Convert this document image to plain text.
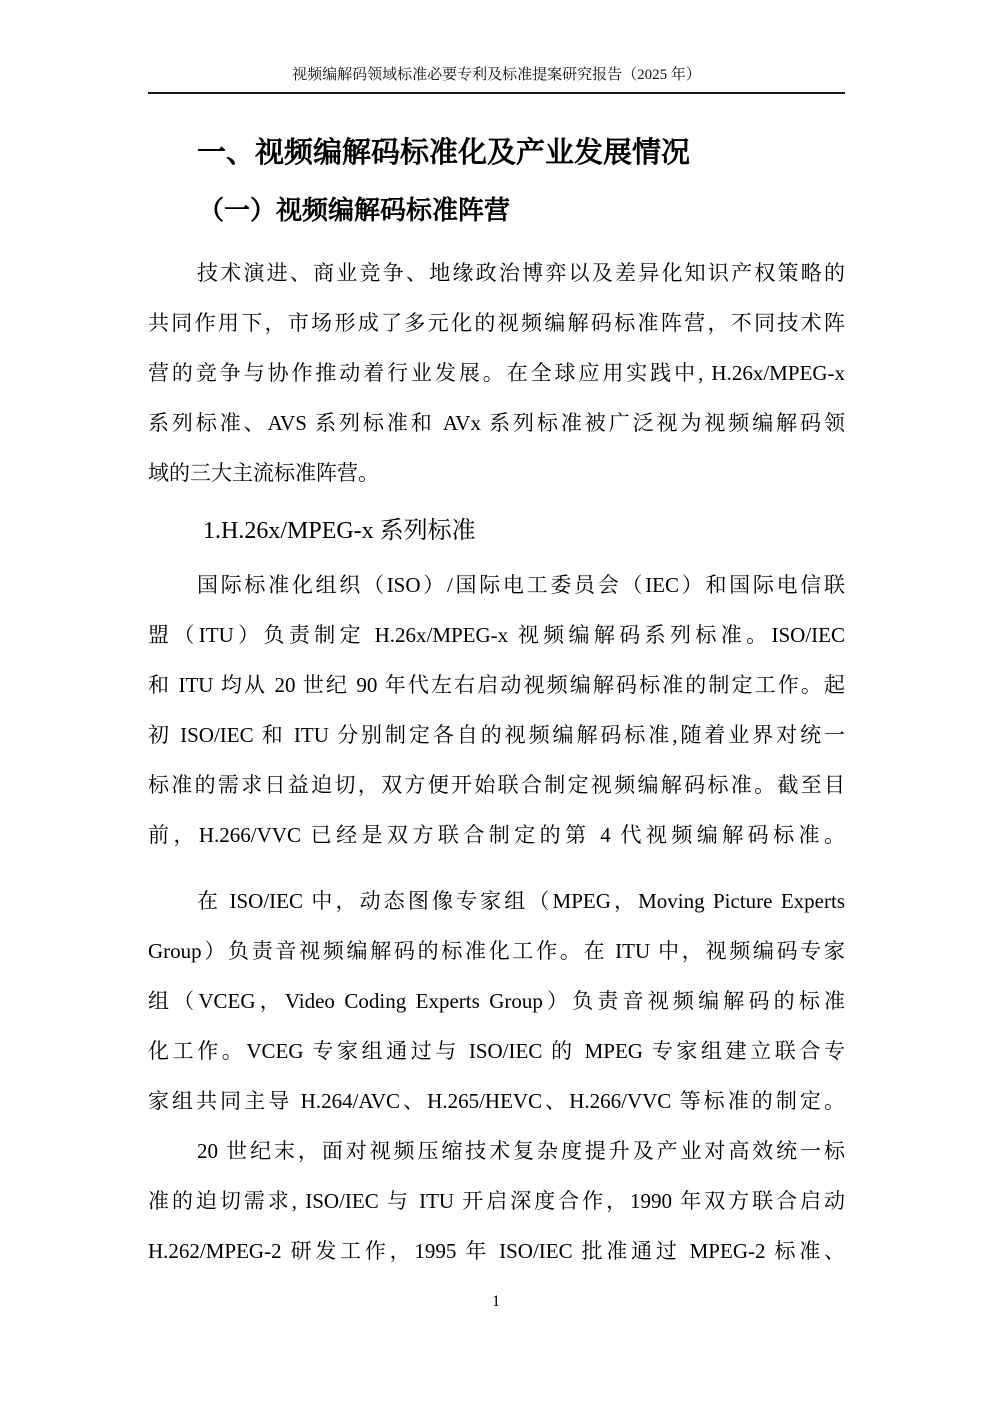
视频编解码领域标准必要专利及标准提案研究报告（2025 年）
一、视频编解码标准化及产业发展情况
（一）视频编解码标准阵营
技术演进、商业竞争、地缘政治博弈以及差异化知识产权策略的
共同作用下，市场形成了多元化的视频编解码标准阵营，不同技术阵
营的竞争与协作推动着行业发展。在全球应用实践中, H.26x/MPEG-x
系列标准、AVS 系列标准和 AVx 系列标准被广泛视为视频编解码领
域的三大主流标准阵营。
1.H.26x/MPEG-x 系列标准
国际标准化组织（ISO）/国际电工委员会（IEC）和国际电信联
盟（ITU）负责制定 H.26x/MPEG-x 视频编解码系列标准。ISO/IEC
和 ITU 均从 20 世纪 90 年代左右启动视频编解码标准的制定工作。起
初 ISO/IEC 和 ITU 分别制定各自的视频编解码标准,随着业界对统一
标准的需求日益迫切，双方便开始联合制定视频编解码标准。截至目
前，H.266/VVC 已经是双方联合制定的第 4 代视频编解码标准。
在 ISO/IEC 中，动态图像专家组（MPEG，Moving Picture Experts
Group）负责音视频编解码的标准化工作。在 ITU 中，视频编码专家
组（VCEG，Video Coding Experts Group）负责音视频编解码的标准
化工作。VCEG 专家组通过与 ISO/IEC 的 MPEG 专家组建立联合专
家组共同主导 H.264/AVC、H.265/HEVC、H.266/VVC 等标准的制定。
20 世纪末，面对视频压缩技术复杂度提升及产业对高效统一标
准的迫切需求, ISO/IEC 与 ITU 开启深度合作，1990 年双方联合启动
H.262/MPEG-2 研发工作，1995 年 ISO/IEC 批准通过 MPEG-2 标准、
1
